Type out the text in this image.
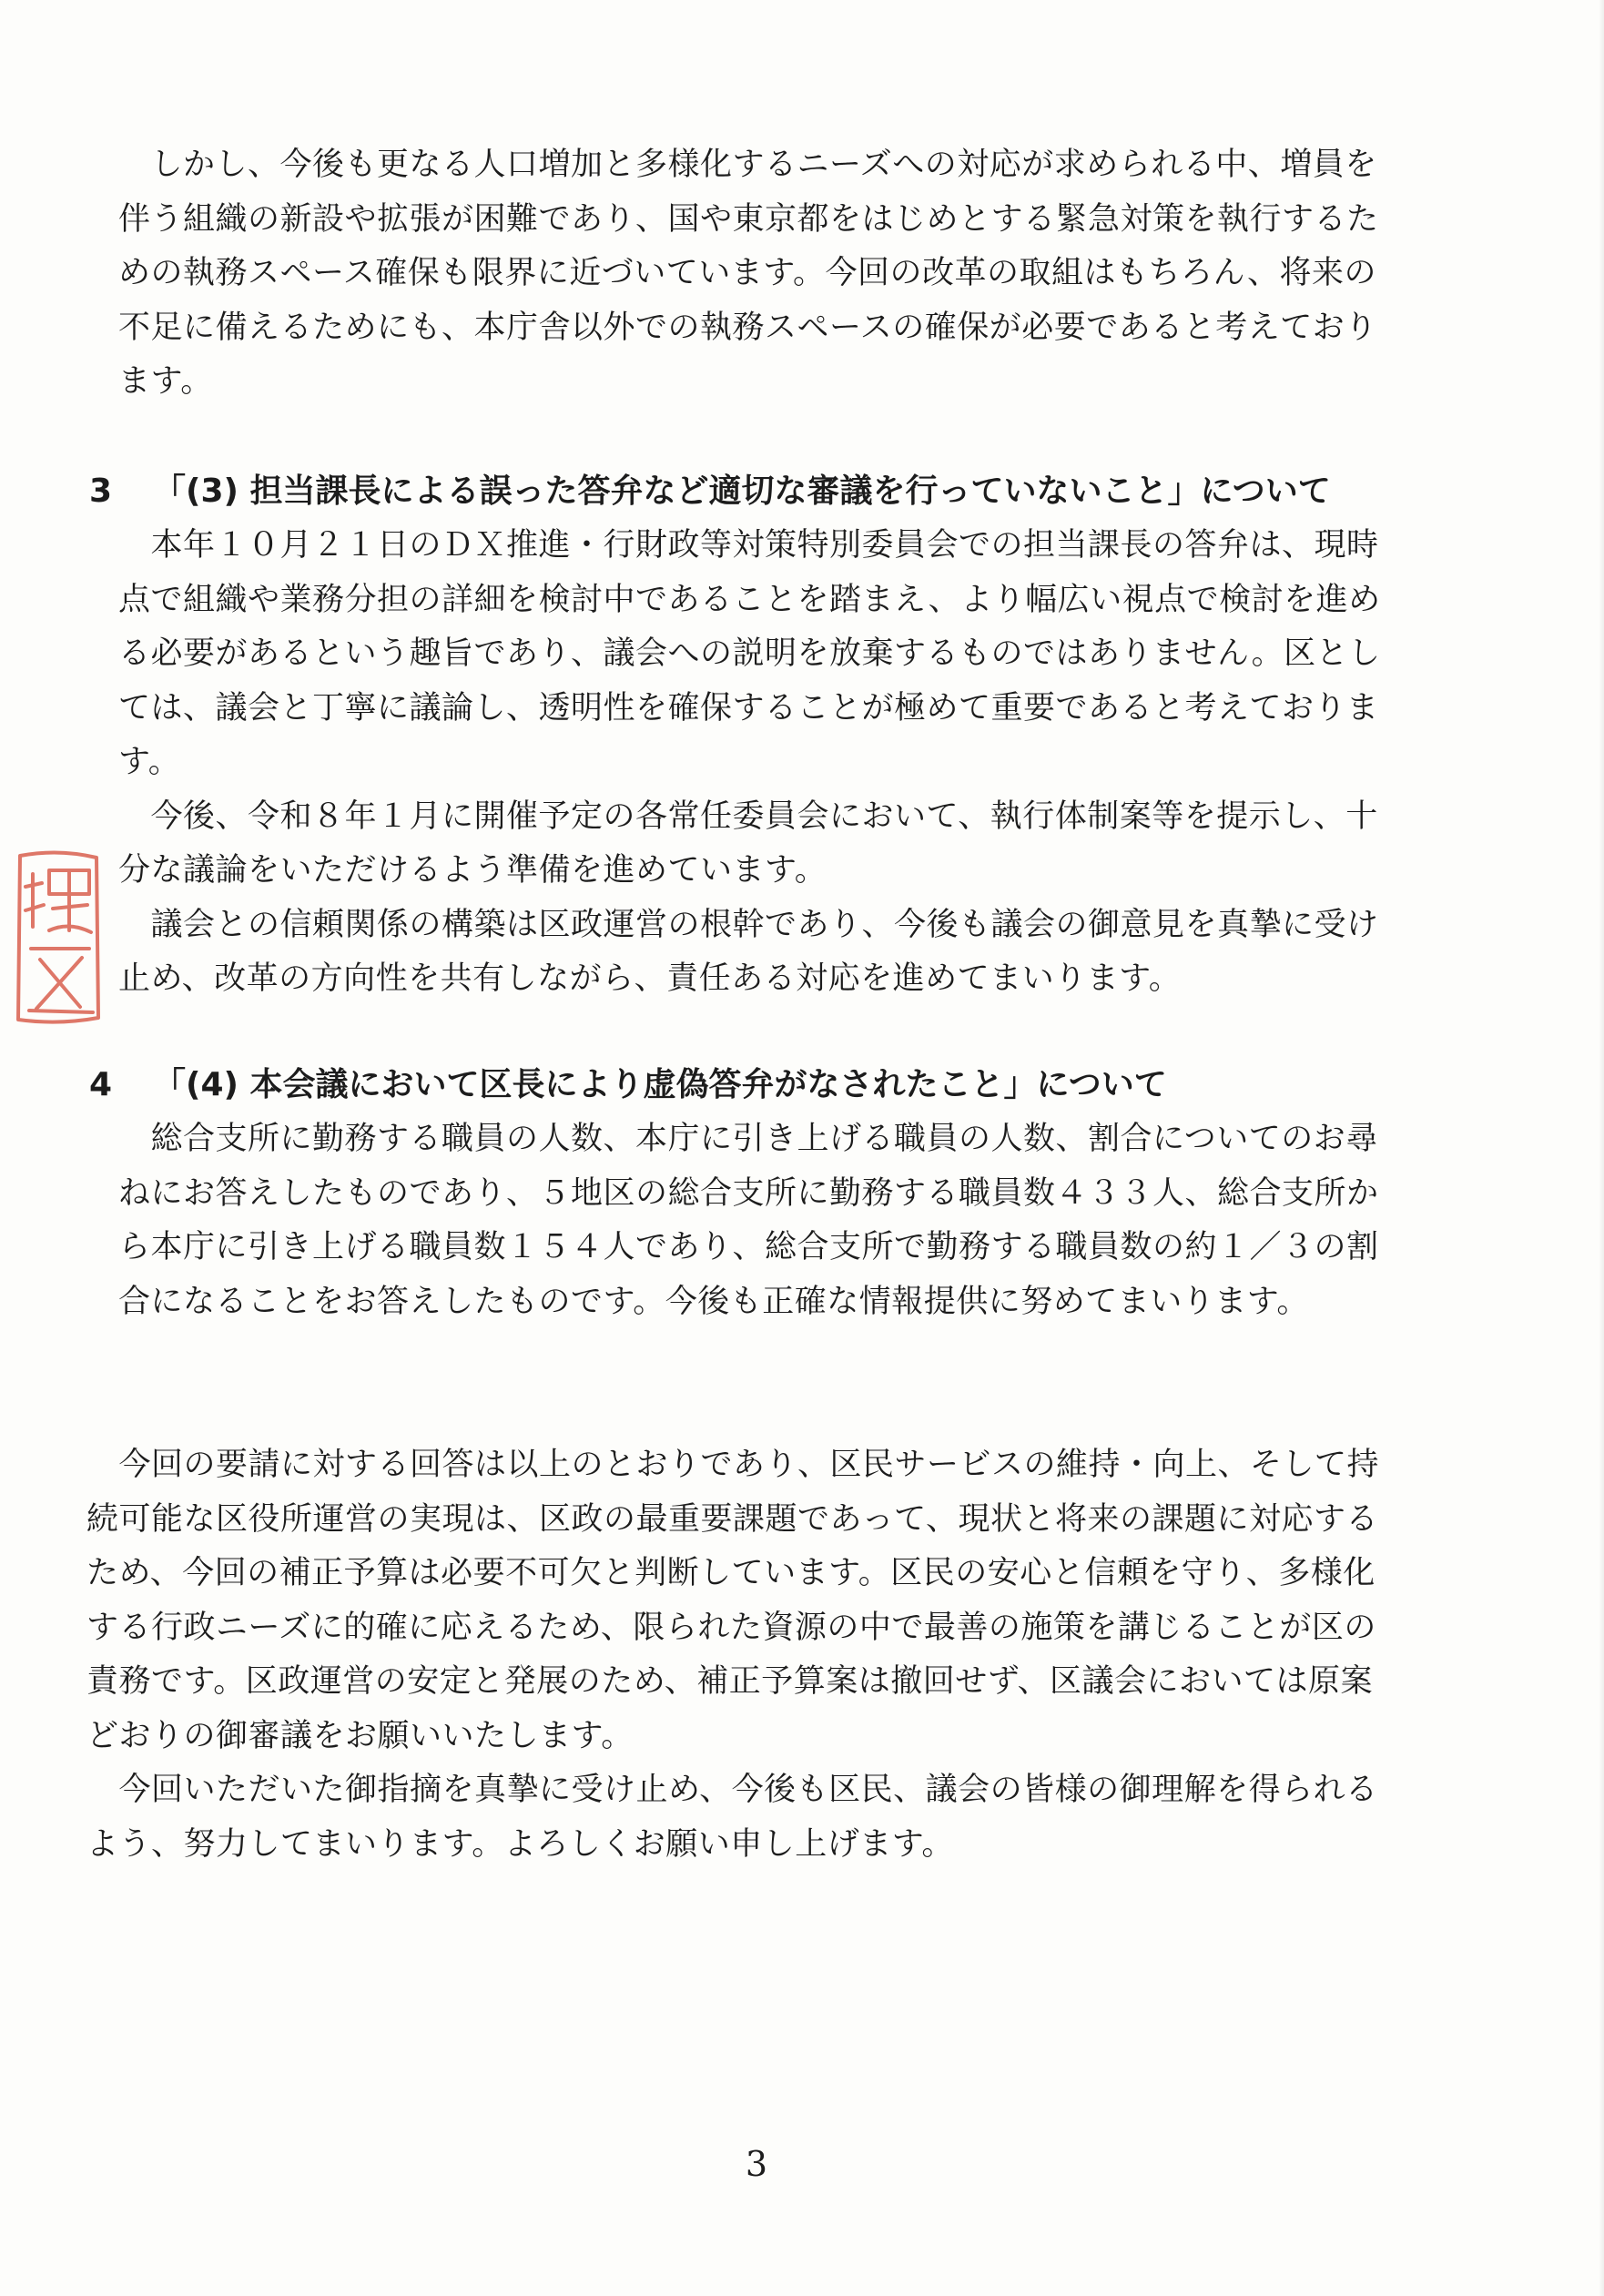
　しかし、今後も更なる人口増加と多様化するニーズへの対応が求められる中、増員を
伴う組織の新設や拡張が困難であり、国や東京都をはじめとする緊急対策を執行するた
めの執務スペース確保も限界に近づいています。今回の改革の取組はもちろん、将来の
不足に備えるためにも、本庁舎以外での執務スペースの確保が必要であると考えており
ます。
3 「(3) 担当課長による誤った答弁など適切な審議を行っていないこと」について
　本年１０月２１日のＤＸ推進・行財政等対策特別委員会での担当課長の答弁は、現時
点で組織や業務分担の詳細を検討中であることを踏まえ、より幅広い視点で検討を進め
る必要があるという趣旨であり、議会への説明を放棄するものではありません。区とし
ては、議会と丁寧に議論し、透明性を確保することが極めて重要であると考えておりま
す。
　今後、令和８年１月に開催予定の各常任委員会において、執行体制案等を提示し、十
分な議論をいただけるよう準備を進めています。
　議会との信頼関係の構築は区政運営の根幹であり、今後も議会の御意見を真摯に受け
止め、改革の方向性を共有しながら、責任ある対応を進めてまいります。
4 「(4) 本会議において区長により虚偽答弁がなされたこと」について
　総合支所に勤務する職員の人数、本庁に引き上げる職員の人数、割合についてのお尋
ねにお答えしたものであり、５地区の総合支所に勤務する職員数４３３人、総合支所か
ら本庁に引き上げる職員数１５４人であり、総合支所で勤務する職員数の約１／３の割
合になることをお答えしたものです。今後も正確な情報提供に努めてまいります。
　今回の要請に対する回答は以上のとおりであり、区民サービスの維持・向上、そして持
続可能な区役所運営の実現は、区政の最重要課題であって、現状と将来の課題に対応する
ため、今回の補正予算は必要不可欠と判断しています。区民の安心と信頼を守り、多様化
する行政ニーズに的確に応えるため、限られた資源の中で最善の施策を講じることが区の
責務です。区政運営の安定と発展のため、補正予算案は撤回せず、区議会においては原案
どおりの御審議をお願いいたします。
　今回いただいた御指摘を真摯に受け止め、今後も区民、議会の皆様の御理解を得られる
よう、努力してまいります。よろしくお願い申し上げます。
3
